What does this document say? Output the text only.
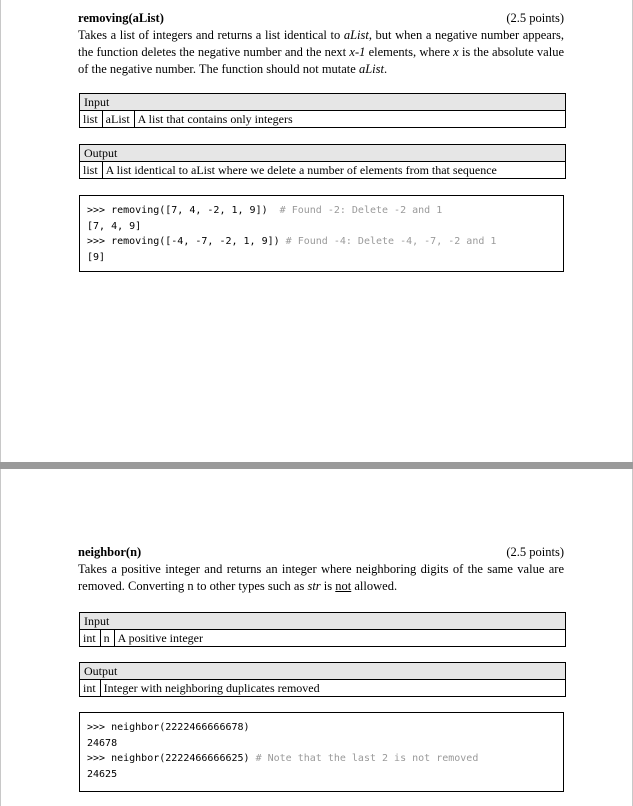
removing(aList)	(2.5 points)
Takes a list of integers and returns a list identical to aList, but when a negative number appears, the function deletes the negative number and the next x-1 elements, where x is the absolute value of the negative number. The function should not mutate aList.
Input
list aList A list that contains only integers
Output
list A list identical to aList where we delete a number of elements from that sequence
>>> removing([7, 4, -2, 1, 9])  # Found -2: Delete -2 and 1
[7, 4, 9]
>>> removing([-4, -7, -2, 1, 9]) # Found -4: Delete -4, -7, -2 and 1
[9]
neighbor(n)	(2.5 points)
Takes a positive integer and returns an integer where neighboring digits of the same value are removed. Converting n to other types such as str is not allowed.
Input
int n A positive integer
Output
int Integer with neighboring duplicates removed
>>> neighbor(2222466666678)
24678
>>> neighbor(2222466666625) # Note that the last 2 is not removed
24625
